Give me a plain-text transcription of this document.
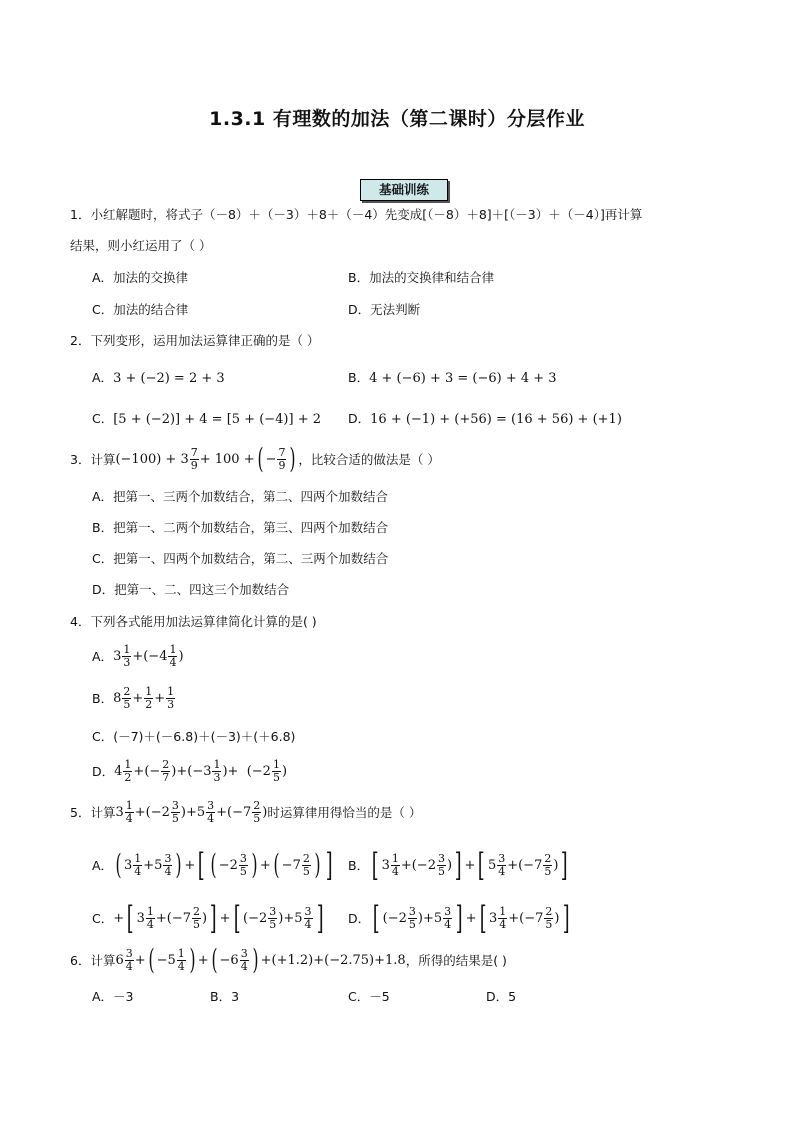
1.3.1 有理数的加法（第二课时）分层作业
基础训练
1．小红解题时，将式子（－8）＋（－3）＋8＋（－4）先变成[（－8）＋8]＋[（－3）＋（－4）]再计算
结果，则小红运用了（ ）
A．加法的交换律	B．加法的交换律和结合律
C．加法的结合律	D．无法判断
2．下列变形，运用加法运算律正确的是（ ）
A．3 + (−2) = 2 + 3	B．4 + (−6) + 3 = (−6) + 4 + 3
C．[5 + (−2)] + 4 = [5 + (−4)] + 2 D．16 + (−1) + (+56) = (16 + 56) + (+1)
3．计算 $(-100) + 3 \frac{7}{9} + 100$ + ( − $\frac{7}{9}$ ) ，比较合适的做法是（ ）
A．把第一、三两个加数结合，第二、四两个加数结合
B．把第一、二两个加数结合，第三、四两个加数结合
C．把第一、四两个加数结合，第二、三两个加数结合
D．把第一、二、四这三个加数结合
4．下列各式能用加法运算律简化计算的是( )
A． $3 \frac{1}{3} +(-4 \frac{1}{4}$ )
B． $8 \frac{2}{5} + \frac{1}{2} + \frac{1}{3}$
C．(－7)＋(－6.8)＋(－3)＋(＋6.8)
D． $4 \frac{1}{2}$ +(− $\frac{2}{7} )+(-3 \frac{1}{3}$ )+  ($-2 \frac{1}{5}$ )
5．计算 $3 \frac{1}{4} +(-2 \frac{3}{5} )+5 \frac{3}{4} +(-7 \frac{2}{5}$ ) 时运算律用得恰当的是（ ）
A． ( $3 \frac{1}{4} +5 \frac{3}{4}$ ) + [ ( $-2 \frac{3}{5}$ ) + ( $-7 \frac{2}{5}$ ) ] B． [ $3 \frac{1}{4} +(-2 \frac{3}{5}$ ) ] + [ $5 \frac{3}{4} +(-7 \frac{2}{5}$ ) ]
C． + [ $3 \frac{1}{4} +(-7 \frac{2}{5}$ ) ] + [ $(-2 \frac{3}{5} )+5 \frac{3}{4}$ ] D． [ $(-2 \frac{3}{5} )+5 \frac{3}{4}$ ] + [ $3 \frac{1}{4} +(-7 \frac{2}{5}$ ) ]
6．计算 $6 \frac{3}{4}$ + ( $-5 \frac{1}{4}$ ) + ( $-6 \frac{3}{4}$ ) +(+1.2)+(−2.75)+1.8 ，所得的结果是( )
A．－3	B．3	C．－5	D．5
